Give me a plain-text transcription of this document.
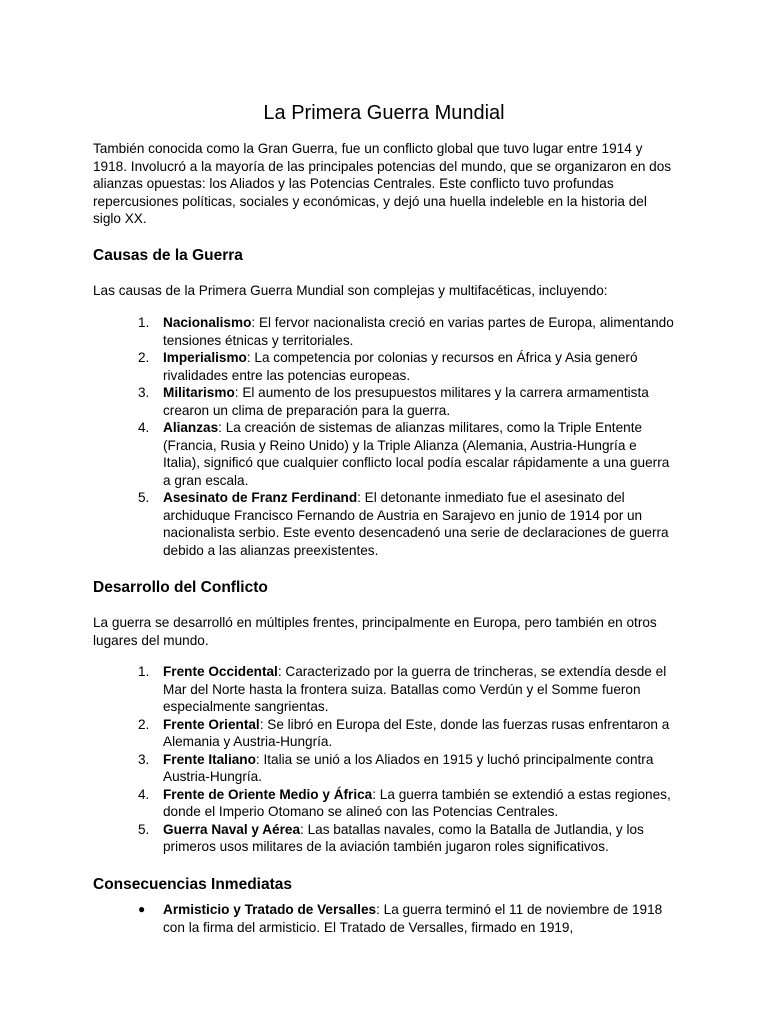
La Primera Guerra Mundial

También conocida como la Gran Guerra, fue un conflicto global que tuvo lugar entre 1914 y 1918. Involucró a la mayoría de las principales potencias del mundo, que se organizaron en dos alianzas opuestas: los Aliados y las Potencias Centrales. Este conflicto tuvo profundas repercusiones políticas, sociales y económicas, y dejó una huella indeleble en la historia del siglo XX.

Causas de la Guerra

Las causas de la Primera Guerra Mundial son complejas y multifacéticas, incluyendo:

1.	Nacionalismo: El fervor nacionalista creció en varias partes de Europa, alimentando tensiones étnicas y territoriales.
2.	Imperialismo: La competencia por colonias y recursos en África y Asia generó rivalidades entre las potencias europeas.
3.	Militarismo: El aumento de los presupuestos militares y la carrera armamentista crearon un clima de preparación para la guerra.
4.	Alianzas: La creación de sistemas de alianzas militares, como la Triple Entente (Francia, Rusia y Reino Unido) y la Triple Alianza (Alemania, Austria-Hungría e Italia), significó que cualquier conflicto local podía escalar rápidamente a una guerra a gran escala.
5.	Asesinato de Franz Ferdinand: El detonante inmediato fue el asesinato del archiduque Francisco Fernando de Austria en Sarajevo en junio de 1914 por un nacionalista serbio. Este evento desencadenó una serie de declaraciones de guerra debido a las alianzas preexistentes.
Desarrollo del Conflicto

La guerra se desarrolló en múltiples frentes, principalmente en Europa, pero también en otros lugares del mundo.

1.	Frente Occidental: Caracterizado por la guerra de trincheras, se extendía desde el Mar del Norte hasta la frontera suiza. Batallas como Verdún y el Somme fueron especialmente sangrientas.
2.	Frente Oriental: Se libró en Europa del Este, donde las fuerzas rusas enfrentaron a Alemania y Austria-Hungría.
3.	Frente Italiano: Italia se unió a los Aliados en 1915 y luchó principalmente contra Austria-Hungría.
4.	Frente de Oriente Medio y África: La guerra también se extendió a estas regiones, donde el Imperio Otomano se alineó con las Potencias Centrales.
5.	Guerra Naval y Aérea: Las batallas navales, como la Batalla de Jutlandia, y los primeros usos militares de la aviación también jugaron roles significativos.
Consecuencias Inmediatas
● Armisticio y Tratado de Versalles: La guerra terminó el 11 de noviembre de 1918 con la firma del armisticio. El Tratado de Versalles, firmado en 1919,
